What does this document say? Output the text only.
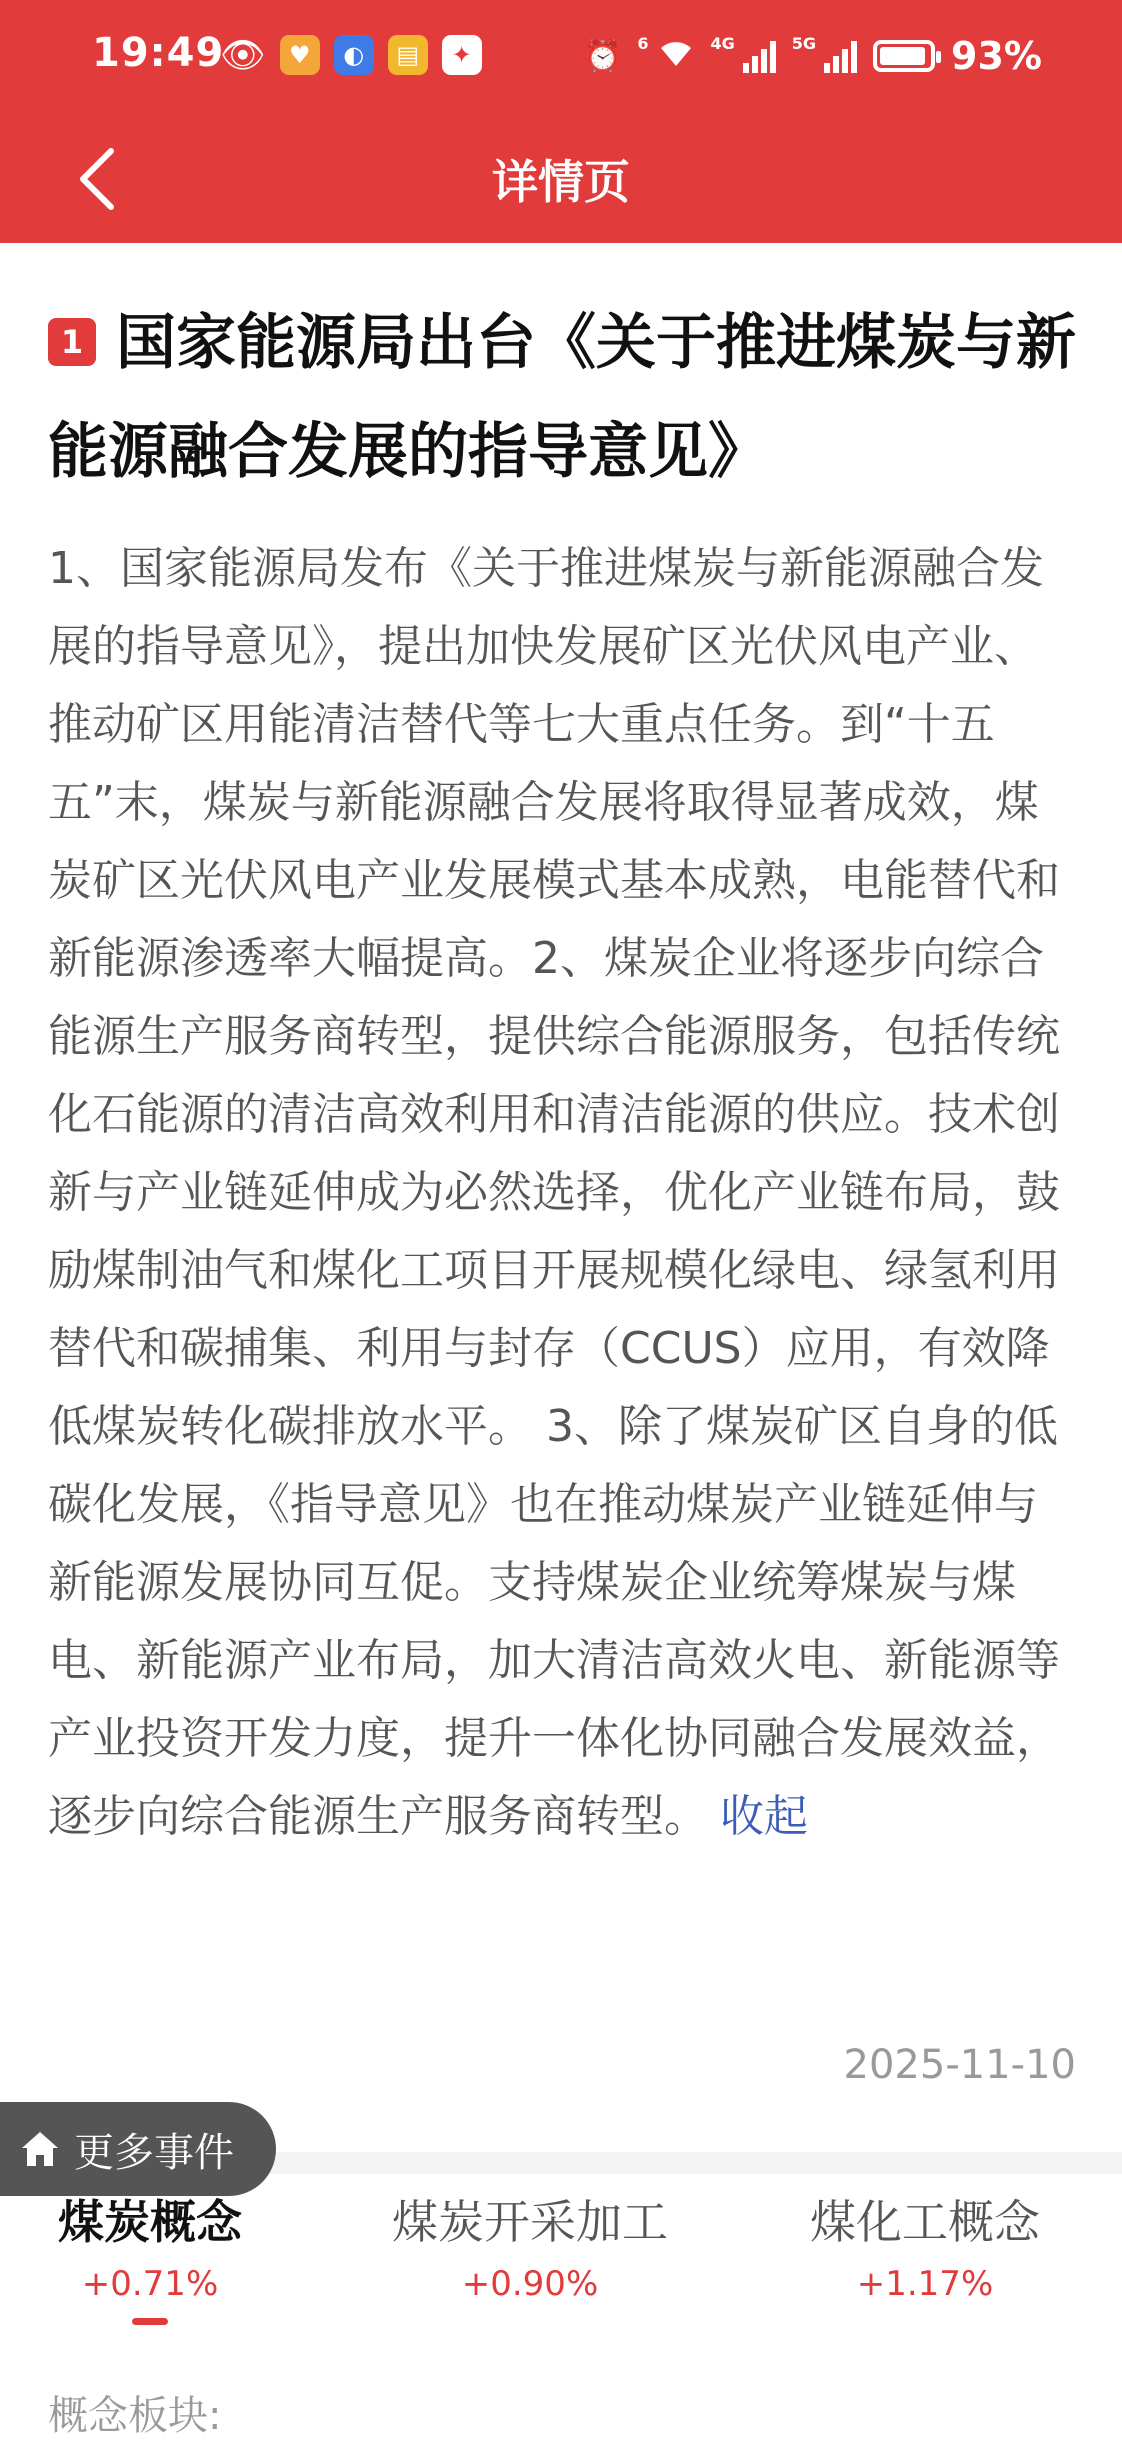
19:49
👁 ♥	◐	▤	✦	⏰ 6	4G	5G	93%
详情页
1 国家能源局出台《关于推进煤炭与新能源融合发展的指导意见》
1、国家能源局发布《关于推进煤炭与新能源融合发展的指导意见》，提出加快发展矿区光伏风电产业、推动矿区用能清洁替代等七大重点任务。到“十五五”末，煤炭与新能源融合发展将取得显著成效，煤炭矿区光伏风电产业发展模式基本成熟，电能替代和新能源渗透率大幅提高。2、煤炭企业将逐步向综合能源生产服务商转型，提供综合能源服务，包括传统化石能源的清洁高效利用和清洁能源的供应。技术创新与产业链延伸成为必然选择，优化产业链布局，鼓励煤制油气和煤化工项目开展规模化绿电、绿氢利用替代和碳捕集、利用与封存（CCUS）应用，有效降低煤炭转化碳排放水平。 3、除了煤炭矿区自身的低碳化发展，《指导意见》也在推动煤炭产业链延伸与新能源发展协同互促。支持煤炭企业统筹煤炭与煤电、新能源产业布局，加大清洁高效火电、新能源等产业投资开发力度，提升一体化协同融合发展效益，逐步向综合能源生产服务商转型。 收起
2025-11-10
更多事件
煤炭概念
+0.71%
煤炭开采加工
+0.90%
煤化工概念
+1.17%
概念板块:
